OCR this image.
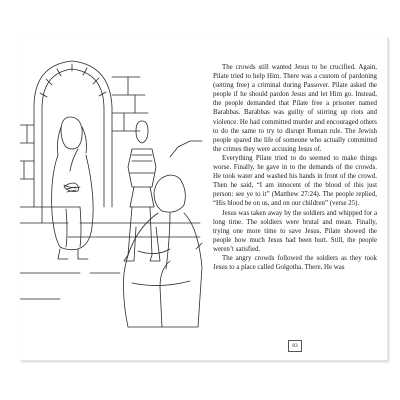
The crowds still wanted Jesus to be crucified. Again, Pilate tried to help Him. There was a custom of pardoning (setting free) a criminal during Passover. Pilate asked the people if he should pardon Jesus and let Him go. Instead, the people demanded that Pilate free a prisoner named Barabbas. Barabbas was guilty of stirring up riots and violence. He had committed murder and encouraged others to do the same to try to disrupt Roman rule. The Jewish people spared the life of someone who actually committed the crimes they were accusing Jesus of.

Everything Pilate tried to do seemed to make things worse. Finally, he gave in to the demands of the crowds. He took water and washed his hands in front of the crowd. Then he said, “I am innocent of the blood of this just person: see ye to it” (Matthew 27:24). The people replied, “His blood be on us, and on our children” (verse 25).

Jesus was taken away by the soldiers and whipped for a long time. The soldiers were brutal and mean. Finally, trying one more time to save Jesus, Pilate showed the people how much Jesus had been hurt. Still, the people weren’t satisfied.

The angry crowds followed the soldiers as they took Jesus to a place called Golgotha. There, He was

83
